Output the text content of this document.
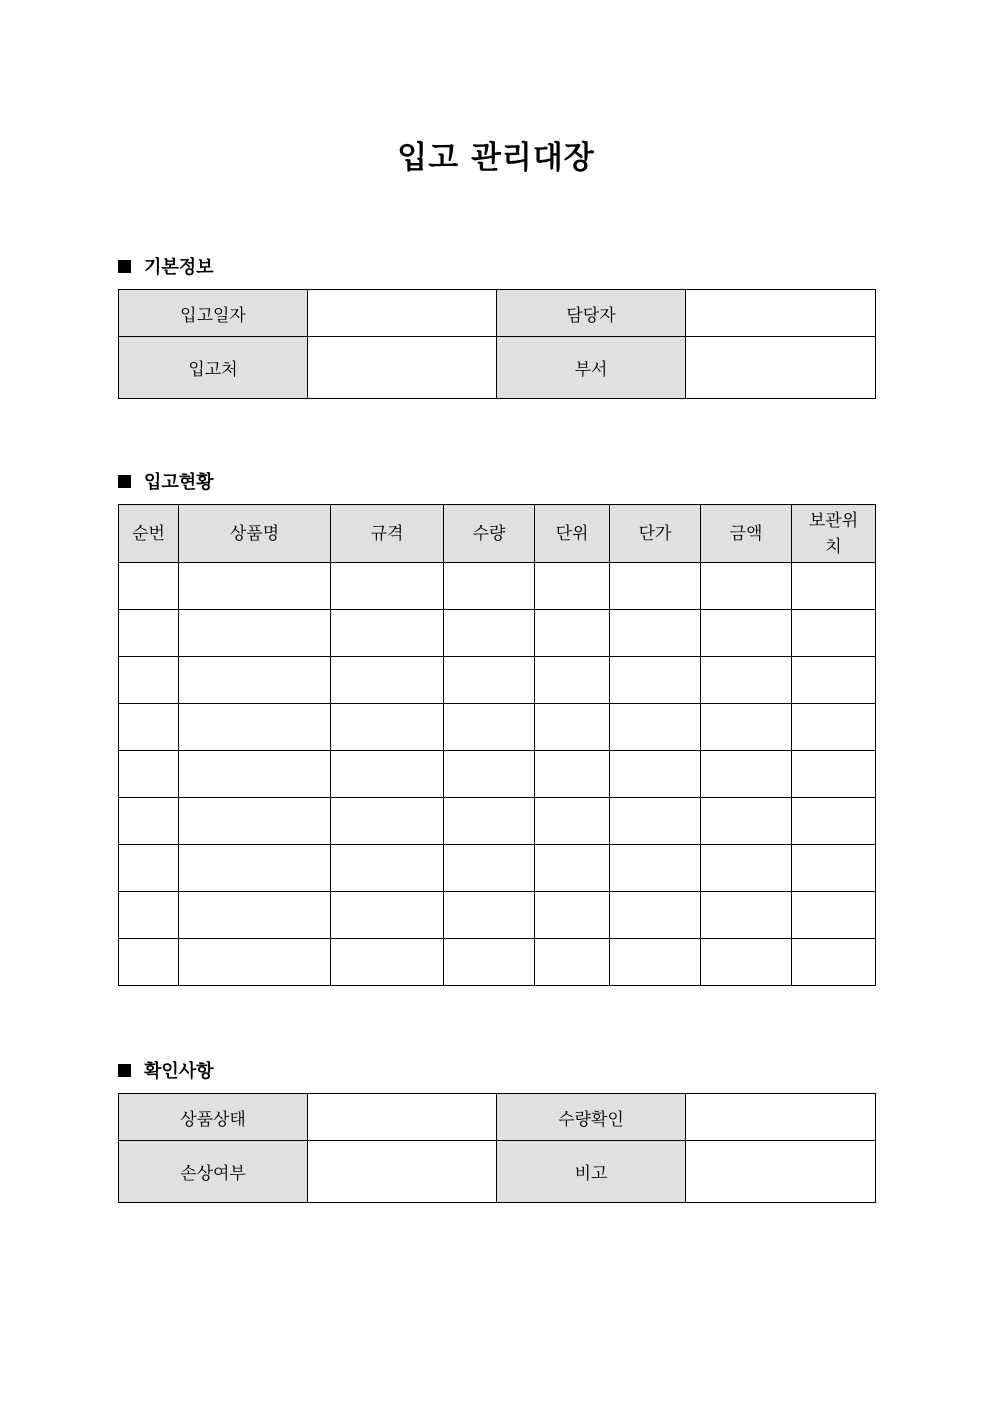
입고 관리대장
기본정보
입고일자		담당자	
입고처		부서	
입고현황
순번	상품명	규격	수량	단위	단가	금액	보관위치

확인사항
상품상태		수량확인	
손상여부		비고	
